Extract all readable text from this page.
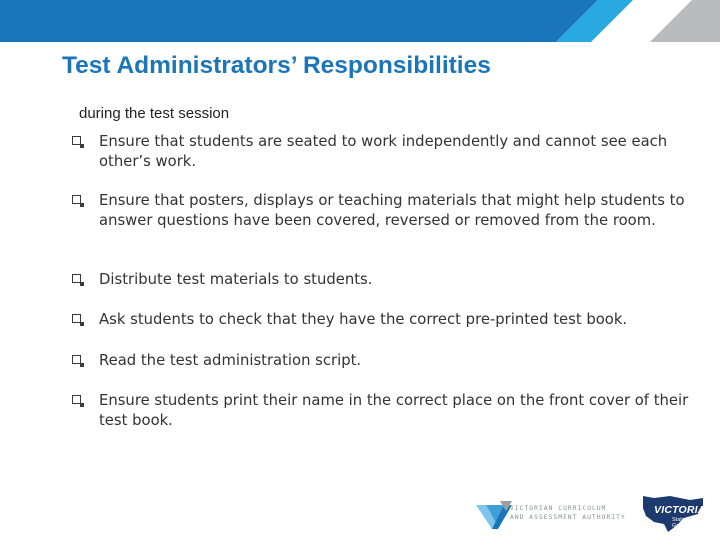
Test Administrators’ Responsibilities
during the test session
Ensure that students are seated to work independently and cannot see each other’s work.
Ensure that posters, displays or teaching materials that might help students to answer questions have been covered, reversed or removed from the room.
Distribute test materials to students.
Ask students to check that they have the correct pre-printed test book.
Read the test administration script.
Ensure students print their name in the correct place on the front cover of their test book.
VICTORIAN CURRICULUM
AND ASSESSMENT AUTHORITY
VICTORIA
State
Government
